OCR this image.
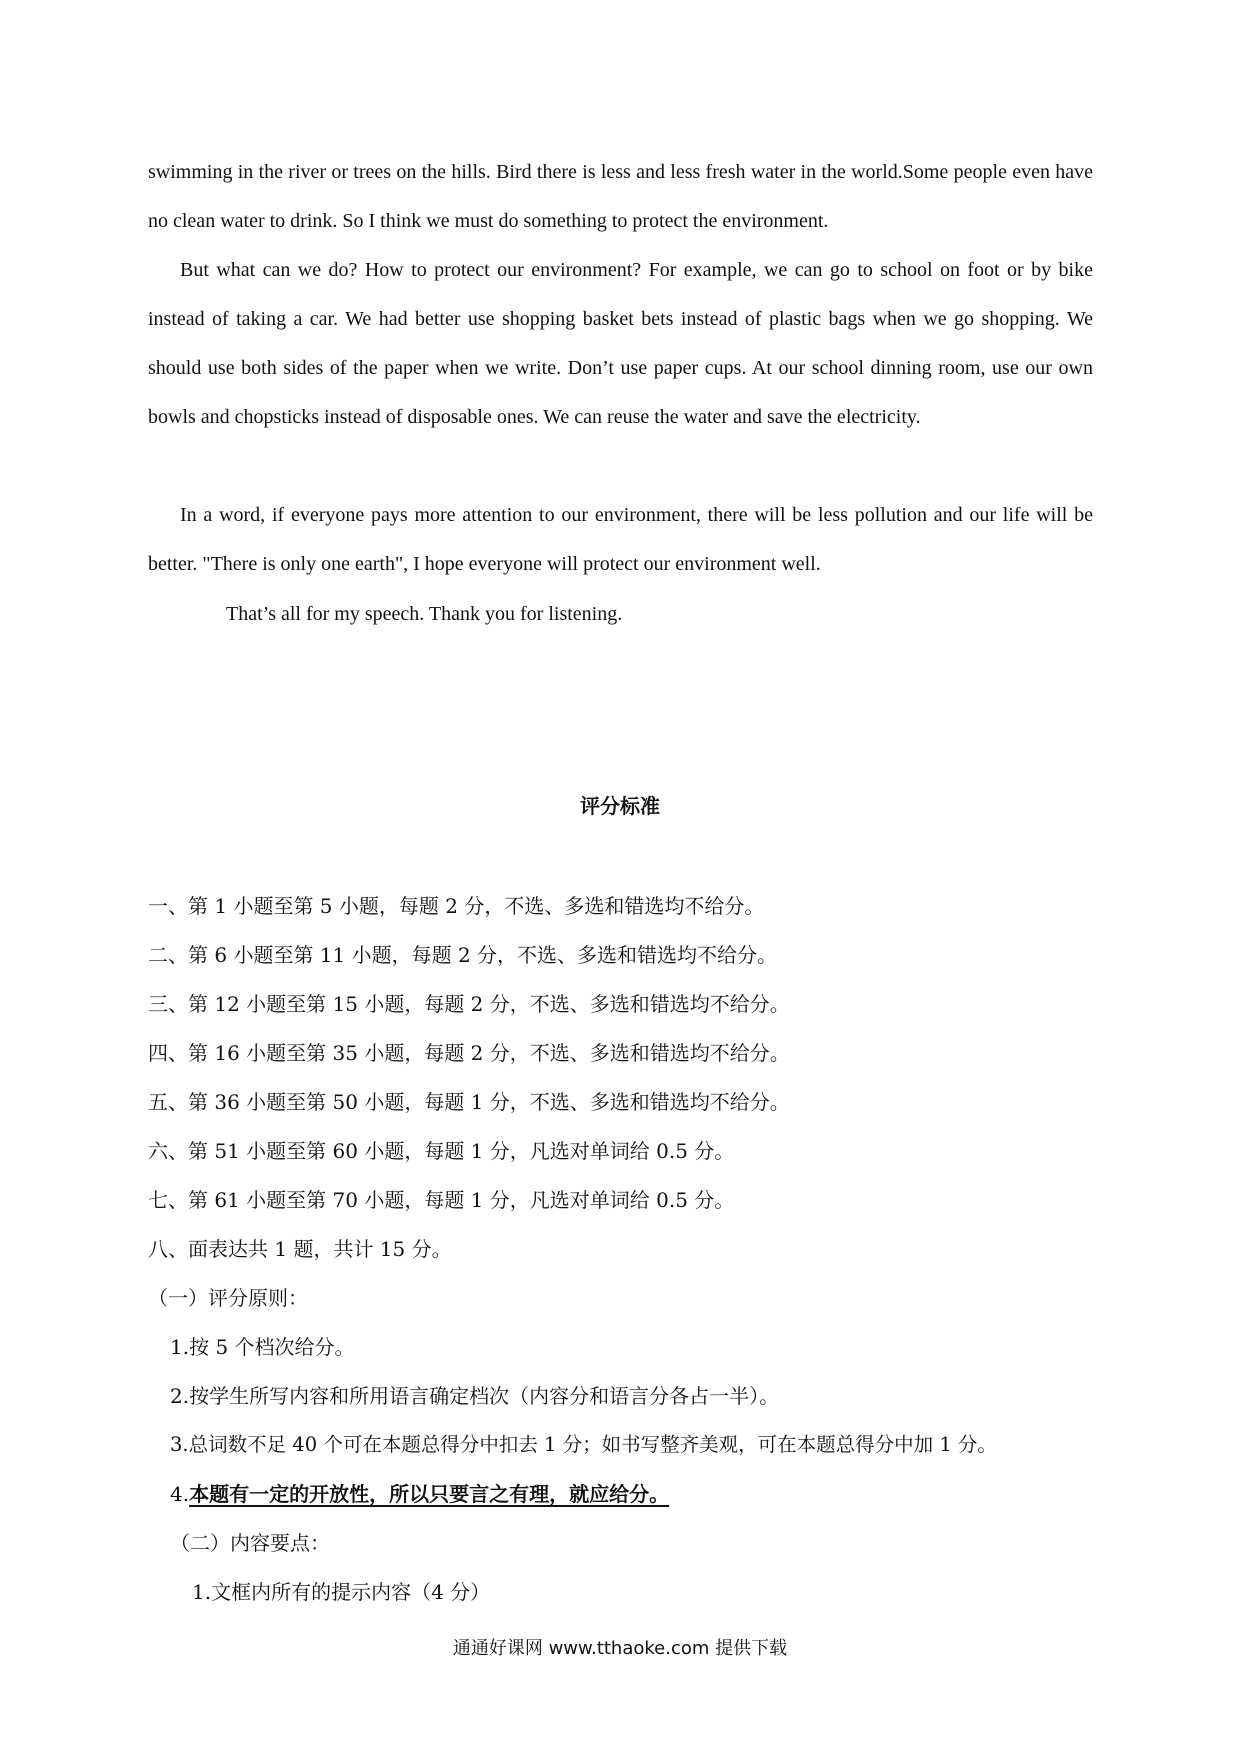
swimming in the river or trees on the hills. Bird there is less and less fresh water in the world.Some people even have no clean water to drink. So I think we must do something to protect the environment.

But what can we do? How to protect our environment? For example, we can go to school on foot or by bike instead of taking a car. We had better use shopping basket bets instead of plastic bags when we go shopping. We should use both sides of the paper when we write. Don’t use paper cups. At our school dinning room, use our own bowls and chopsticks instead of disposable ones. We can reuse the water and save the electricity.

In a word, if everyone pays more attention to our environment, there will be less pollution and our life will be better. "There is only one earth", I hope everyone will protect our environment well.

That’s all for my speech. Thank you for listening.

评分标准

一、第 1 小题至第 5 小题，每题 2 分，不选、多选和错选均不给分。

二、第 6 小题至第 11 小题，每题 2 分，不选、多选和错选均不给分。

三、第 12 小题至第 15 小题，每题 2 分，不选、多选和错选均不给分。

四、第 16 小题至第 35 小题，每题 2 分，不选、多选和错选均不给分。

五、第 36 小题至第 50 小题，每题 1 分，不选、多选和错选均不给分。

六、第 51 小题至第 60 小题，每题 1 分，凡选对单词给 0.5 分。

七、第 61 小题至第 70 小题，每题 1 分，凡选对单词给 0.5 分。

八、面表达共 1 题，共计 15 分。

（一）评分原则：

1.按 5 个档次给分。

2.按学生所写内容和所用语言确定档次（内容分和语言分各占一半）。

3.总词数不足 40 个可在本题总得分中扣去 1 分；如书写整齐美观，可在本题总得分中加 1 分。

4.本题有一定的开放性，所以只要言之有理，就应给分。

（二）内容要点：

1.文框内所有的提示内容（4 分）

通通好课网 www.tthaoke.com 提供下载
